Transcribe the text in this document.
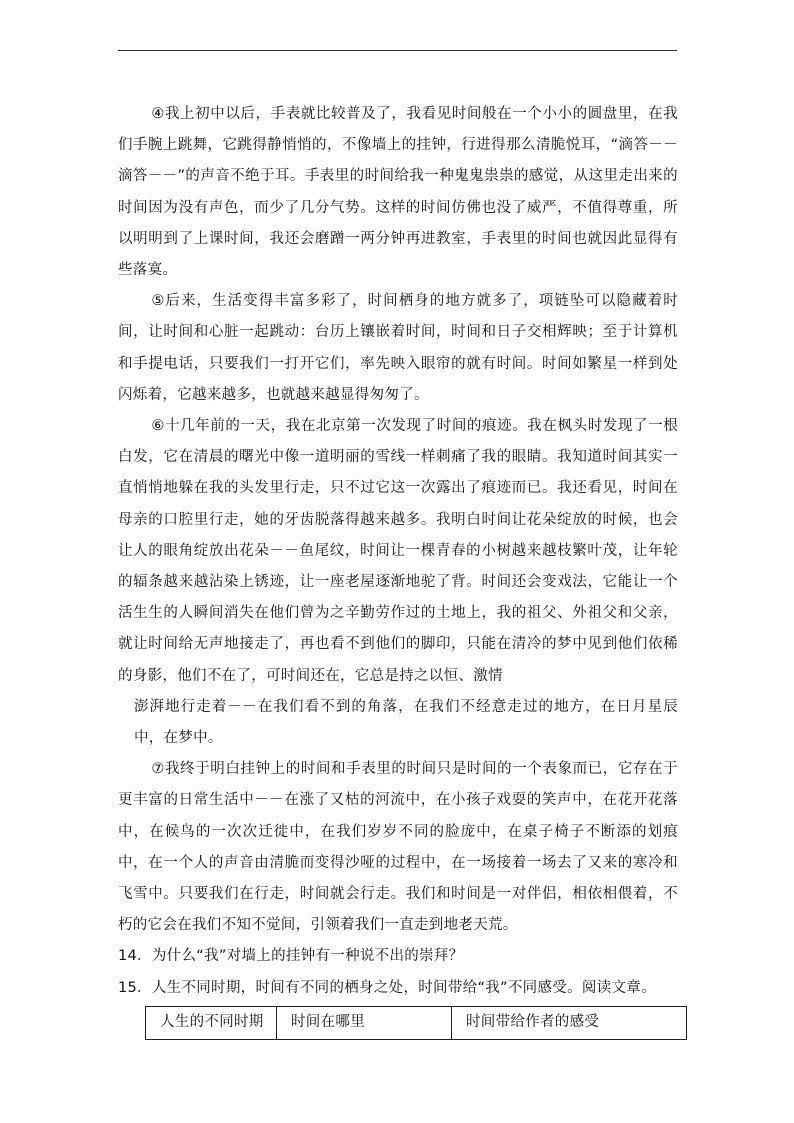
④我上初中以后，手表就比较普及了，我看见时间般在一个小小的圆盘里，在我们手腕上跳舞，它跳得静悄悄的，不像墙上的挂钟，行进得那么清脆悦耳，“滴答－－滴答－－”的声音不绝于耳。手表里的时间给我一种鬼鬼祟祟的感觉，从这里走出来的时间因为没有声色，而少了几分气势。这样的时间仿佛也没了威严，不值得尊重，所以明明到了上课时间，我还会磨蹭一两分钟再进教室，手表里的时间也就因此显得有些落寞。

⑤后来，生活变得丰富多彩了，时间栖身的地方就多了，项链坠可以隐藏着时间，让时间和心脏一起跳动：台历上镶嵌着时间，时间和日子交相辉映；至于计算机和手提电话，只要我们一打开它们，率先映入眼帘的就有时间。时间如繁星一样到处闪烁着，它越来越多，也就越来越显得匆匆了。

⑥十几年前的一天，我在北京第一次发现了时间的痕迹。我在枫头时发现了一根白发，它在清晨的曙光中像一道明丽的雪线一样刺痛了我的眼睛。我知道时间其实一直悄悄地躲在我的头发里行走，只不过它这一次露出了痕迹而已。我还看见，时间在母亲的口腔里行走，她的牙齿脱落得越来越多。我明白时间让花朵绽放的时候，也会让人的眼角绽放出花朵－－鱼尾纹，时间让一棵青春的小树越来越枝繁叶茂，让年轮的辐条越来越沾染上锈迹，让一座老屋逐渐地驼了背。时间还会变戏法，它能让一个活生生的人瞬间消失在他们曾为之辛勤劳作过的土地上，我的祖父、外祖父和父亲，就让时间给无声地接走了，再也看不到他们的脚印，只能在清冷的梦中见到他们依稀的身影，他们不在了，可时间还在，它总是持之以恒、激情

澎湃地行走着－－在我们看不到的角落，在我们不经意走过的地方，在日月星辰中，在梦中。

⑦我终于明白挂钟上的时间和手表里的时间只是时间的一个表象而已，它存在于更丰富的日常生活中－－在涨了又枯的河流中，在小孩子戏耍的笑声中，在花开花落中，在候鸟的一次次迁徙中，在我们岁岁不同的脸庞中，在桌子椅子不断添的划痕中，在一个人的声音由清脆而变得沙哑的过程中，在一场接着一场去了又来的寒冷和飞雪中。只要我们在行走，时间就会行走。我们和时间是一对伴侣，相依相偎着，不朽的它会在我们不知不觉间，引领着我们一直走到地老天荒。

14．为什么“我”对墙上的挂钟有一种说不出的崇拜？

15．人生不同时期，时间有不同的栖身之处，时间带给“我”不同感受。阅读文章。

人生的不同时期	时间在哪里	时间带给作者的感受
